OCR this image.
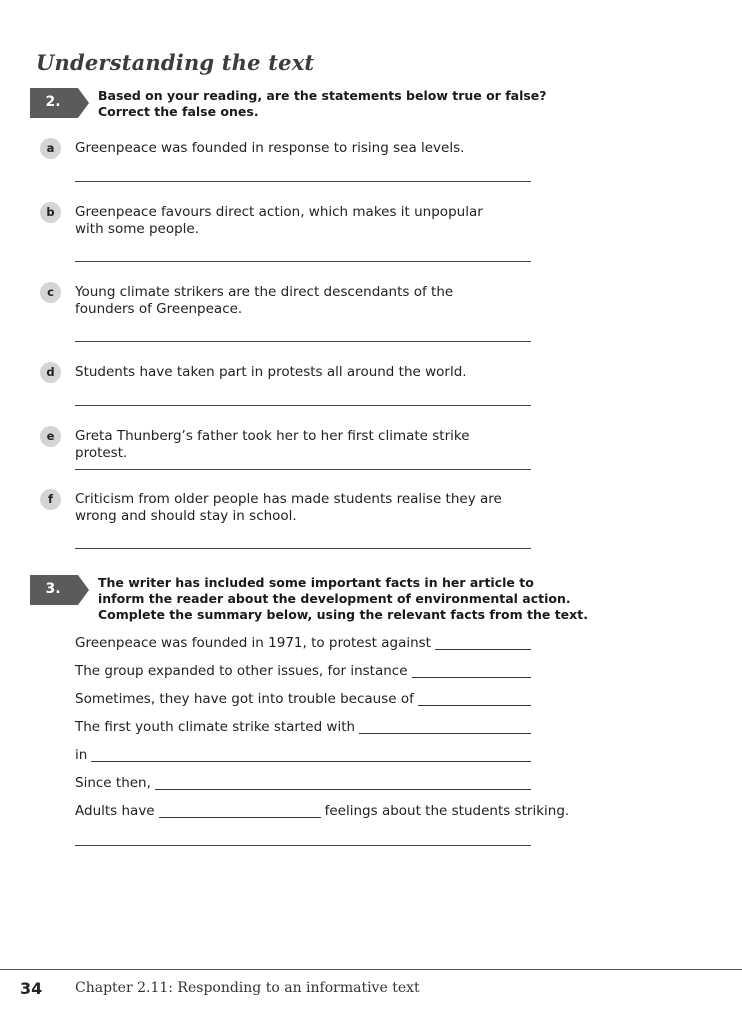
Understanding the text
2.	Based on your reading, are the statements below true or false?
Correct the false ones.
a	Greenpeace was founded in response to rising sea levels.
b	Greenpeace favours direct action, which makes it unpopular with some people.
c	Young climate strikers are the direct descendants of the founders of Greenpeace.
d	Students have taken part in protests all around the world.
e	Greta Thunberg’s father took her to her first climate strike protest.
f	Criticism from older people has made students realise they are wrong and should stay in school.
3.	The writer has included some important facts in her article to
inform the reader about the development of environmental action.
Complete the summary below, using the relevant facts from the text.
Greenpeace was founded in 1971, to protest against
The group expanded to other issues, for instance
Sometimes, they have got into trouble because of
The first youth climate strike started with
in
Since then,
Adults have	feelings about the students striking.
34 Chapter 2.11: Responding to an informative text
